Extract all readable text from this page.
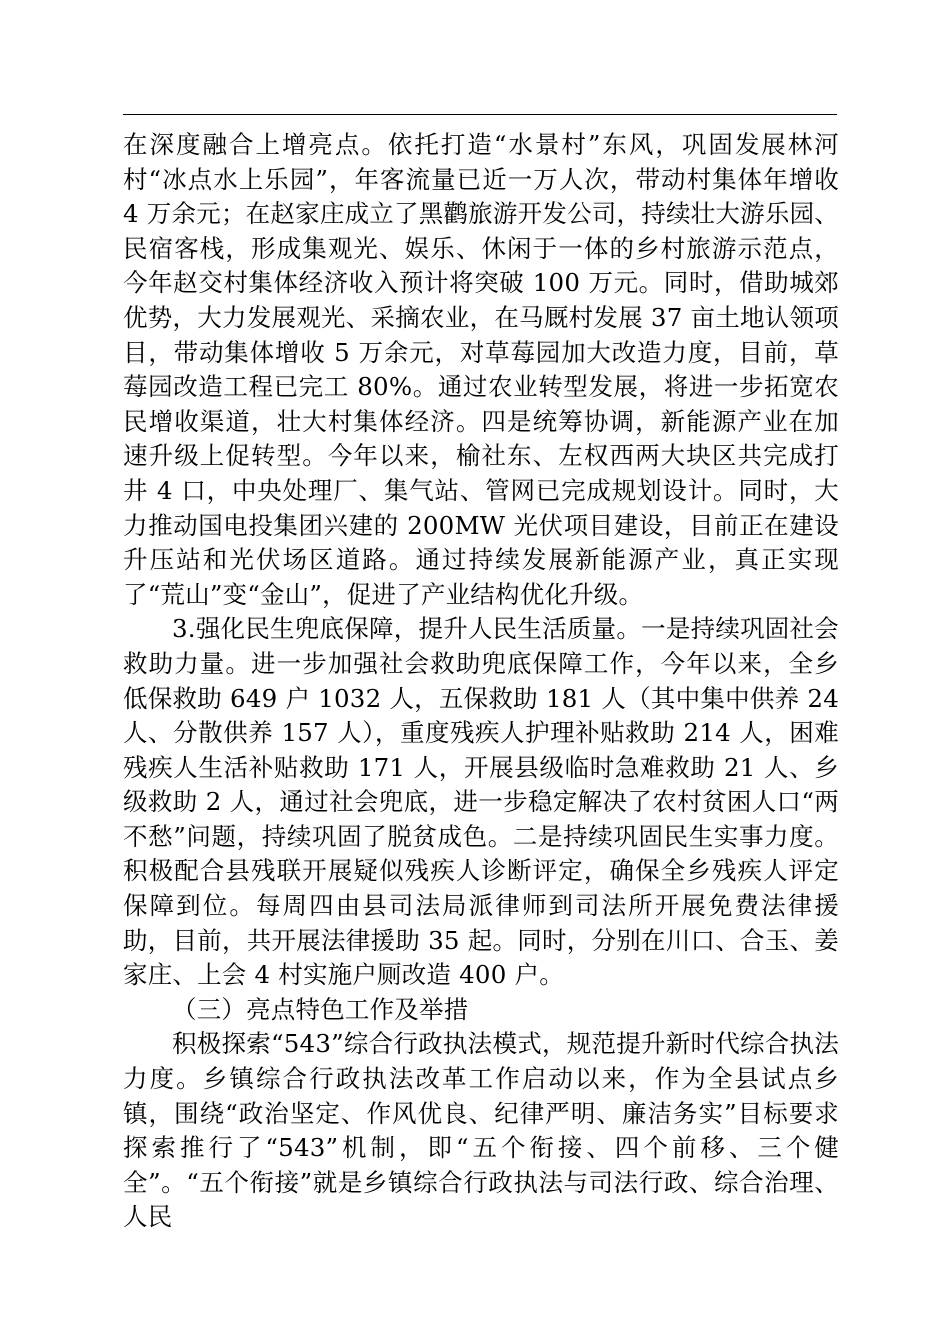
在深度融合上增亮点。依托打造“水景村”东风，巩固发展林河村“冰点水上乐园”，年客流量已近一万人次，带动村集体年增收 4 万余元；在赵家庄成立了黑鹳旅游开发公司，持续壮大游乐园、民宿客栈，形成集观光、娱乐、休闲于一体的乡村旅游示范点，今年赵交村集体经济收入预计将突破 100 万元。同时，借助城郊优势，大力发展观光、采摘农业，在马厩村发展 37 亩土地认领项目，带动集体增收 5 万余元，对草莓园加大改造力度，目前，草莓园改造工程已完工 80%。通过农业转型发展，将进一步拓宽农民增收渠道，壮大村集体经济。四是统筹协调，新能源产业在加速升级上促转型。今年以来，榆社东、左权西两大块区共完成打井 4 口，中央处理厂、集气站、管网已完成规划设计。同时，大力推动国电投集团兴建的 200MW 光伏项目建设，目前正在建设升压站和光伏场区道路。通过持续发展新能源产业，真正实现了“荒山”变“金山”，促进了产业结构优化升级。

3.强化民生兜底保障，提升人民生活质量。一是持续巩固社会救助力量。进一步加强社会救助兜底保障工作，今年以来，全乡低保救助 649 户 1032 人，五保救助 181 人（其中集中供养 24 人、分散供养 157 人），重度残疾人护理补贴救助 214 人，困难残疾人生活补贴救助 171 人，开展县级临时急难救助 21 人、乡级救助 2 人，通过社会兜底，进一步稳定解决了农村贫困人口“两不愁”问题，持续巩固了脱贫成色。二是持续巩固民生实事力度。积极配合县残联开展疑似残疾人诊断评定，确保全乡残疾人评定保障到位。每周四由县司法局派律师到司法所开展免费法律援助，目前，共开展法律援助 35 起。同时，分别在川口、合玉、姜家庄、上会 4 村实施户厕改造 400 户。

（三）亮点特色工作及举措

积极探索“543”综合行政执法模式，规范提升新时代综合执法力度。乡镇综合行政执法改革工作启动以来，作为全县试点乡镇，围绕“政治坚定、作风优良、纪律严明、廉洁务实”目标要求探索推行了“543”机制，即“五个衔接、四个前移、三个健全”。“五个衔接”就是乡镇综合行政执法与司法行政、综合治理、人民
